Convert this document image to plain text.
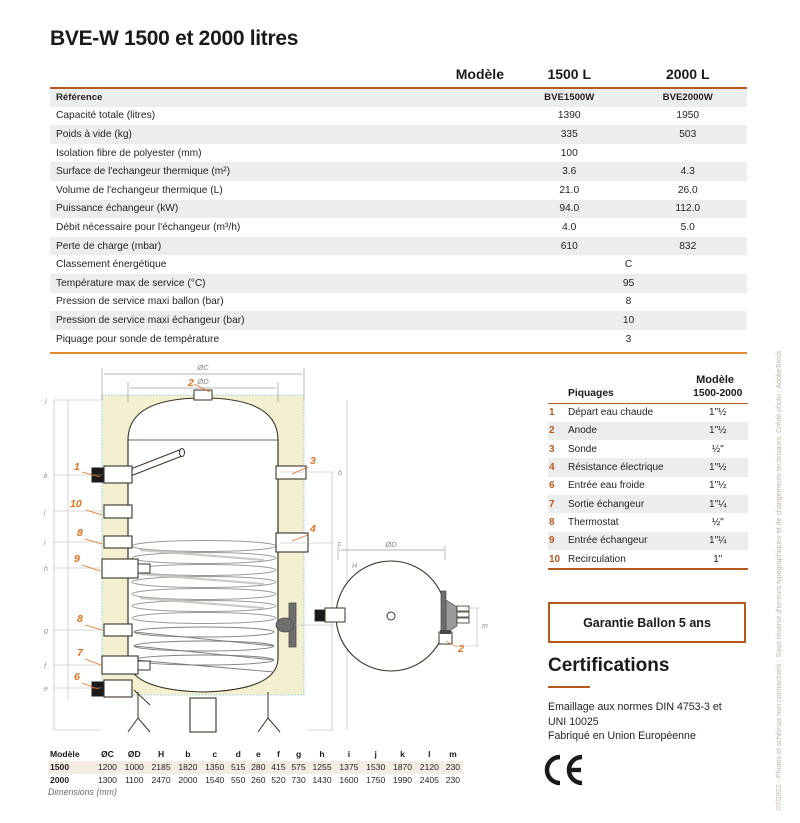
BVE-W 1500 et 2000 litres
	Modèle	1500 L	2000 L
Référence	BVE1500W	BVE2000W
Capacité totale (litres)	1390	1950
Poids à vide (kg)	335	503
Isolation fibre de polyester (mm)	100	
Surface de l'echangeur thermique (m²)	3.6	4.3
Volume de l'echangeur thermique (L)	21.0	26.0
Puissance échangeur (kW)	94.0	112.0
Débit nécessaire pour l'échangeur (m³/h)	4.0	5.0
Perte de charge (mbar)	610	832
Classement énergétique	C	
Température max de service (°C)	95	
Pression de service maxi ballon (bar)	8	
Pression de service maxi échangeur (bar)	10	
Piquage pour sonde de température	3	
ØC
ØD
l
k
j
i
h
g
f
e
b
c
H
2
1
10
8
9
8
7
6
3
4
ØD
m
2
Modèle
	Piquages	1500-2000
1	Départ eau chaude	1"½
2	Anode	1"½
3	Sonde	½"
4	Résistance électrique	1"½
6	Entrée eau froide	1"½
7	Sortie échangeur	1"¼
8	Thermostat	½"
9	Entrée échangeur	1"¼
10	Recirculation	1"
Garantie Ballon 5 ans
Certifications
Emaillage aux normes DIN 4753-3 et
UNI 10025
Fabriqué en Union Européenne
Modèle	ØC	ØD	H	b	c	d	e	f	g	h	i	j	k	l	m
1500	1200	1000	2185	1820	1350	515	280	415	575	1255	1375	1530	1870	2120	230
2000	1300	1100	2470	2000	1540	550	260	520	730	1430	1600	1750	1990	2405	230
Dimensions (mm)	07/2022 - Photos et schémas non contractuels - Sous réserve d'erreurs typographiques et de changements techniques. Crédit photo : AdobeStock
